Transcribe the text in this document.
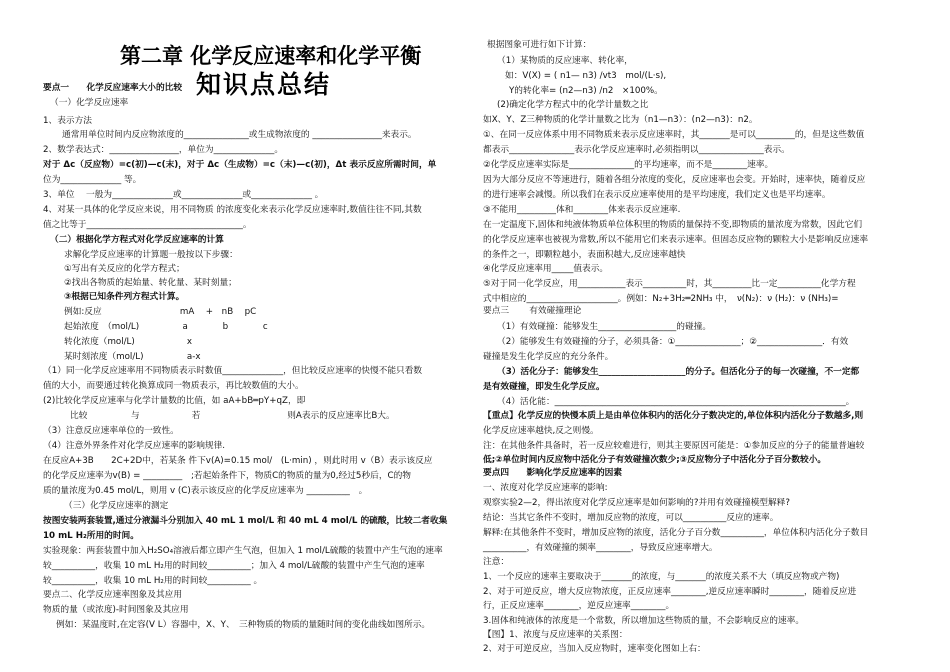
第二章 化学反应速率和化学平衡
知识点总结
要点一　　化学反应速率大小的比较
（一）化学反应速率
1、表示方法
通常用单位时间内反应物浓度的_______________或生成物浓度的 ________________来表示。
2、数学表达式：________________，单位为______________。
对于 Δc（反应物）=c(初)—c(末)，对于 Δc（生成物）=c（末)—c(初)，Δt 表示反应所需时间，单
位为______________ 等。
3、单位　 一般为______________或______________或______________ 。
4、对某一具体的化学反应来说，用不同物质 的浓度变化来表示化学反应速率时,数值往往不同,其数
值之比等于____________________________________。
（二）根据化学方程式对化学反应速率的计算
求解化学反应速率的计算题一般按以下步骤：
①写出有关反应的化学方程式；
②找出各物质的起始量、转化量、某时刻量；
③根据已知条件列方程式计算。
例如:反应　　　　　　　　　mA　 +　nB　 pC
起始浓度　（mol/L)　　　　　a　　　　b　　　　c
转化浓度（mol/L)　　　　　　x
某时刻浓度（mol/L)　　　　　a-x
（1）同一化学反应速率用不同物质表示时数值______________，但比较反应速率的快慢不能只看数
值的大小，而要通过转化换算成同一物质表示，再比较数值的大小。
(2)比较化学反应速率与化学计量数的比值，如 aA+bB═pY+qZ，即
比较　　　　　与　　　　　　若　　　　　　　　　　则A表示的反应速率比B大。
（3）注意反应速率单位的一致性。
（4）注意外界条件对化学反应速率的影响规律.
在反应A+3B　　2C+2D中，若某条 件下v(A)=0.15 mol/　(L·min) ，则此时用 v（B）表示该反应
的化学反应速率为v(B) = _________　;若起始条件下，物质C的物质的量为0,经过5秒后，C的物
质的量浓度为0.45 mol/L，则用 v (C)表示该反应的化学反应速率为 __________　。
（三）化学反应速率的测定
按图安装两套装置,通过分液漏斗分别加入 40 mL 1 mol/L 和 40 mL 4 mol/L 的硫酸，比较二者收集
10 mL H₂所用的时间。
实验现象：两套装置中加入H₂SO₄溶液后都立即产生气泡，但加入 1 mol/L硫酸的装置中产生气泡的速率
较__________，收集 10 mL H₂用的时间较__________；加入 4 mol/L硫酸的装置中产生气泡的速率
较__________，收集 10 mL H₂用的时间较__________ 。
要点二、化学反应速率图象及其应用
物质的量（或浓度)-时间图象及其应用
例如：某温度时,在定容(V L）容器中，X、Y、　三种物质的物质的量随时间的变化曲线如图所示。
根据图象可进行如下计算：
（1）某物质的反应速率、转化率，
如：V(X) = ( n1— n3) /vt3　mol/(L·s),
Y的转化率= (n2—n3) /n2　×100%。
(2)确定化学方程式中的化学计量数之比
如X、Y、Z三种物质的化学计量数之比为（n1—n3）：(n2—n3)：n2。
①、在同一反应体系中用不同物质来表示反应速率时，其_______是可以_________的，但是这些数值
都表示_______________表示化学反应速率时,必须指明以_______________表示。
②化学反应速率实际是_______________的平均速率，而不是________速率。
因为大部分反应不等速进行，随着各组分浓度的变化，反应速率也会变。开始时，速率快，随着反应
的进行速率会减慢。所以我们在表示反应速率使用的是平均速度，我们定义也是平均速率。
③不能用_________体和________体来表示反应速率.
在一定温度下,固体和纯液体物质单位体积里的物质的量保持不变,即物质的量浓度为常数，因此它们
的化学反应速率也被视为常数,所以不能用它们来表示速率。但固态反应物的颗粒大小是影响反应速率
的条件之一，即颗粒越小，表面积越大,反应速率越快
④化学反应速率用_____值表示。
⑤对于同一化学反应，用___________表示__________时，其_________比一定__________化学方程
式中相应的_____________________。例如：N₂+3H₂═2NH₃ 中，　ν(N₂)：ν (H₂)：ν (NH₃)=
要点三　　 有效碰撞理论
（1）有效碰撞：能够发生__________________的碰撞。
（2）能够发生有效碰撞的分子，必须具备：①_______________；②_______________．有效
碰撞是发生化学反应的充分条件。
（3）活化分子：能够发生____________________的分子。但活化分子的每一次碰撞，不一定都
是有效碰撞，即发生化学反应。
（4）活化能：___________________________________________________________________。
【重点】化学反应的快慢本质上是由单位体积内的活化分子数决定的,单位体积内活化分子数越多,则
化学反应速率越快,反之则慢。
注：在其他条件具备时，若一反应较难进行，则其主要原因可能是：①参加反应的分子的能量普遍较
低;②单位时间内反应物中活化分子有效碰撞次数少;③反应物分子中活化分子百分数较小。
要点四　　影响化学反应速率的因素
一、浓度对化学反应速率的影响:
观察实验2—2，得出浓度对化学反应速率是如何影响的?并用有效碰撞模型解释?
结论：当其它条件不变时，增加反应物的浓度，可以__________反应的速率。
解释:在其他条件不变时，增加反应物的浓度，活化分子百分数__________，单位体积内活化分子数目
__________，有效碰撞的频率________，导致反应速率增大。
注意：
1、一个反应的速率主要取决于_______的浓度，与_______的浓度关系不大（填反应物或产物)
2、对于可逆反应，增大反应物浓度，正反应速率________,逆反应速率瞬时________，随着反应进
行，正反应速率________，逆反应速率________。
3.固体和纯液体的浓度是一个常数，所以增加这些物质的量，不会影响反应的速率。
【图】1、浓度与反应速率的关系图：
2、对于可逆反应，当加入反应物时，速率变化图如上右：
